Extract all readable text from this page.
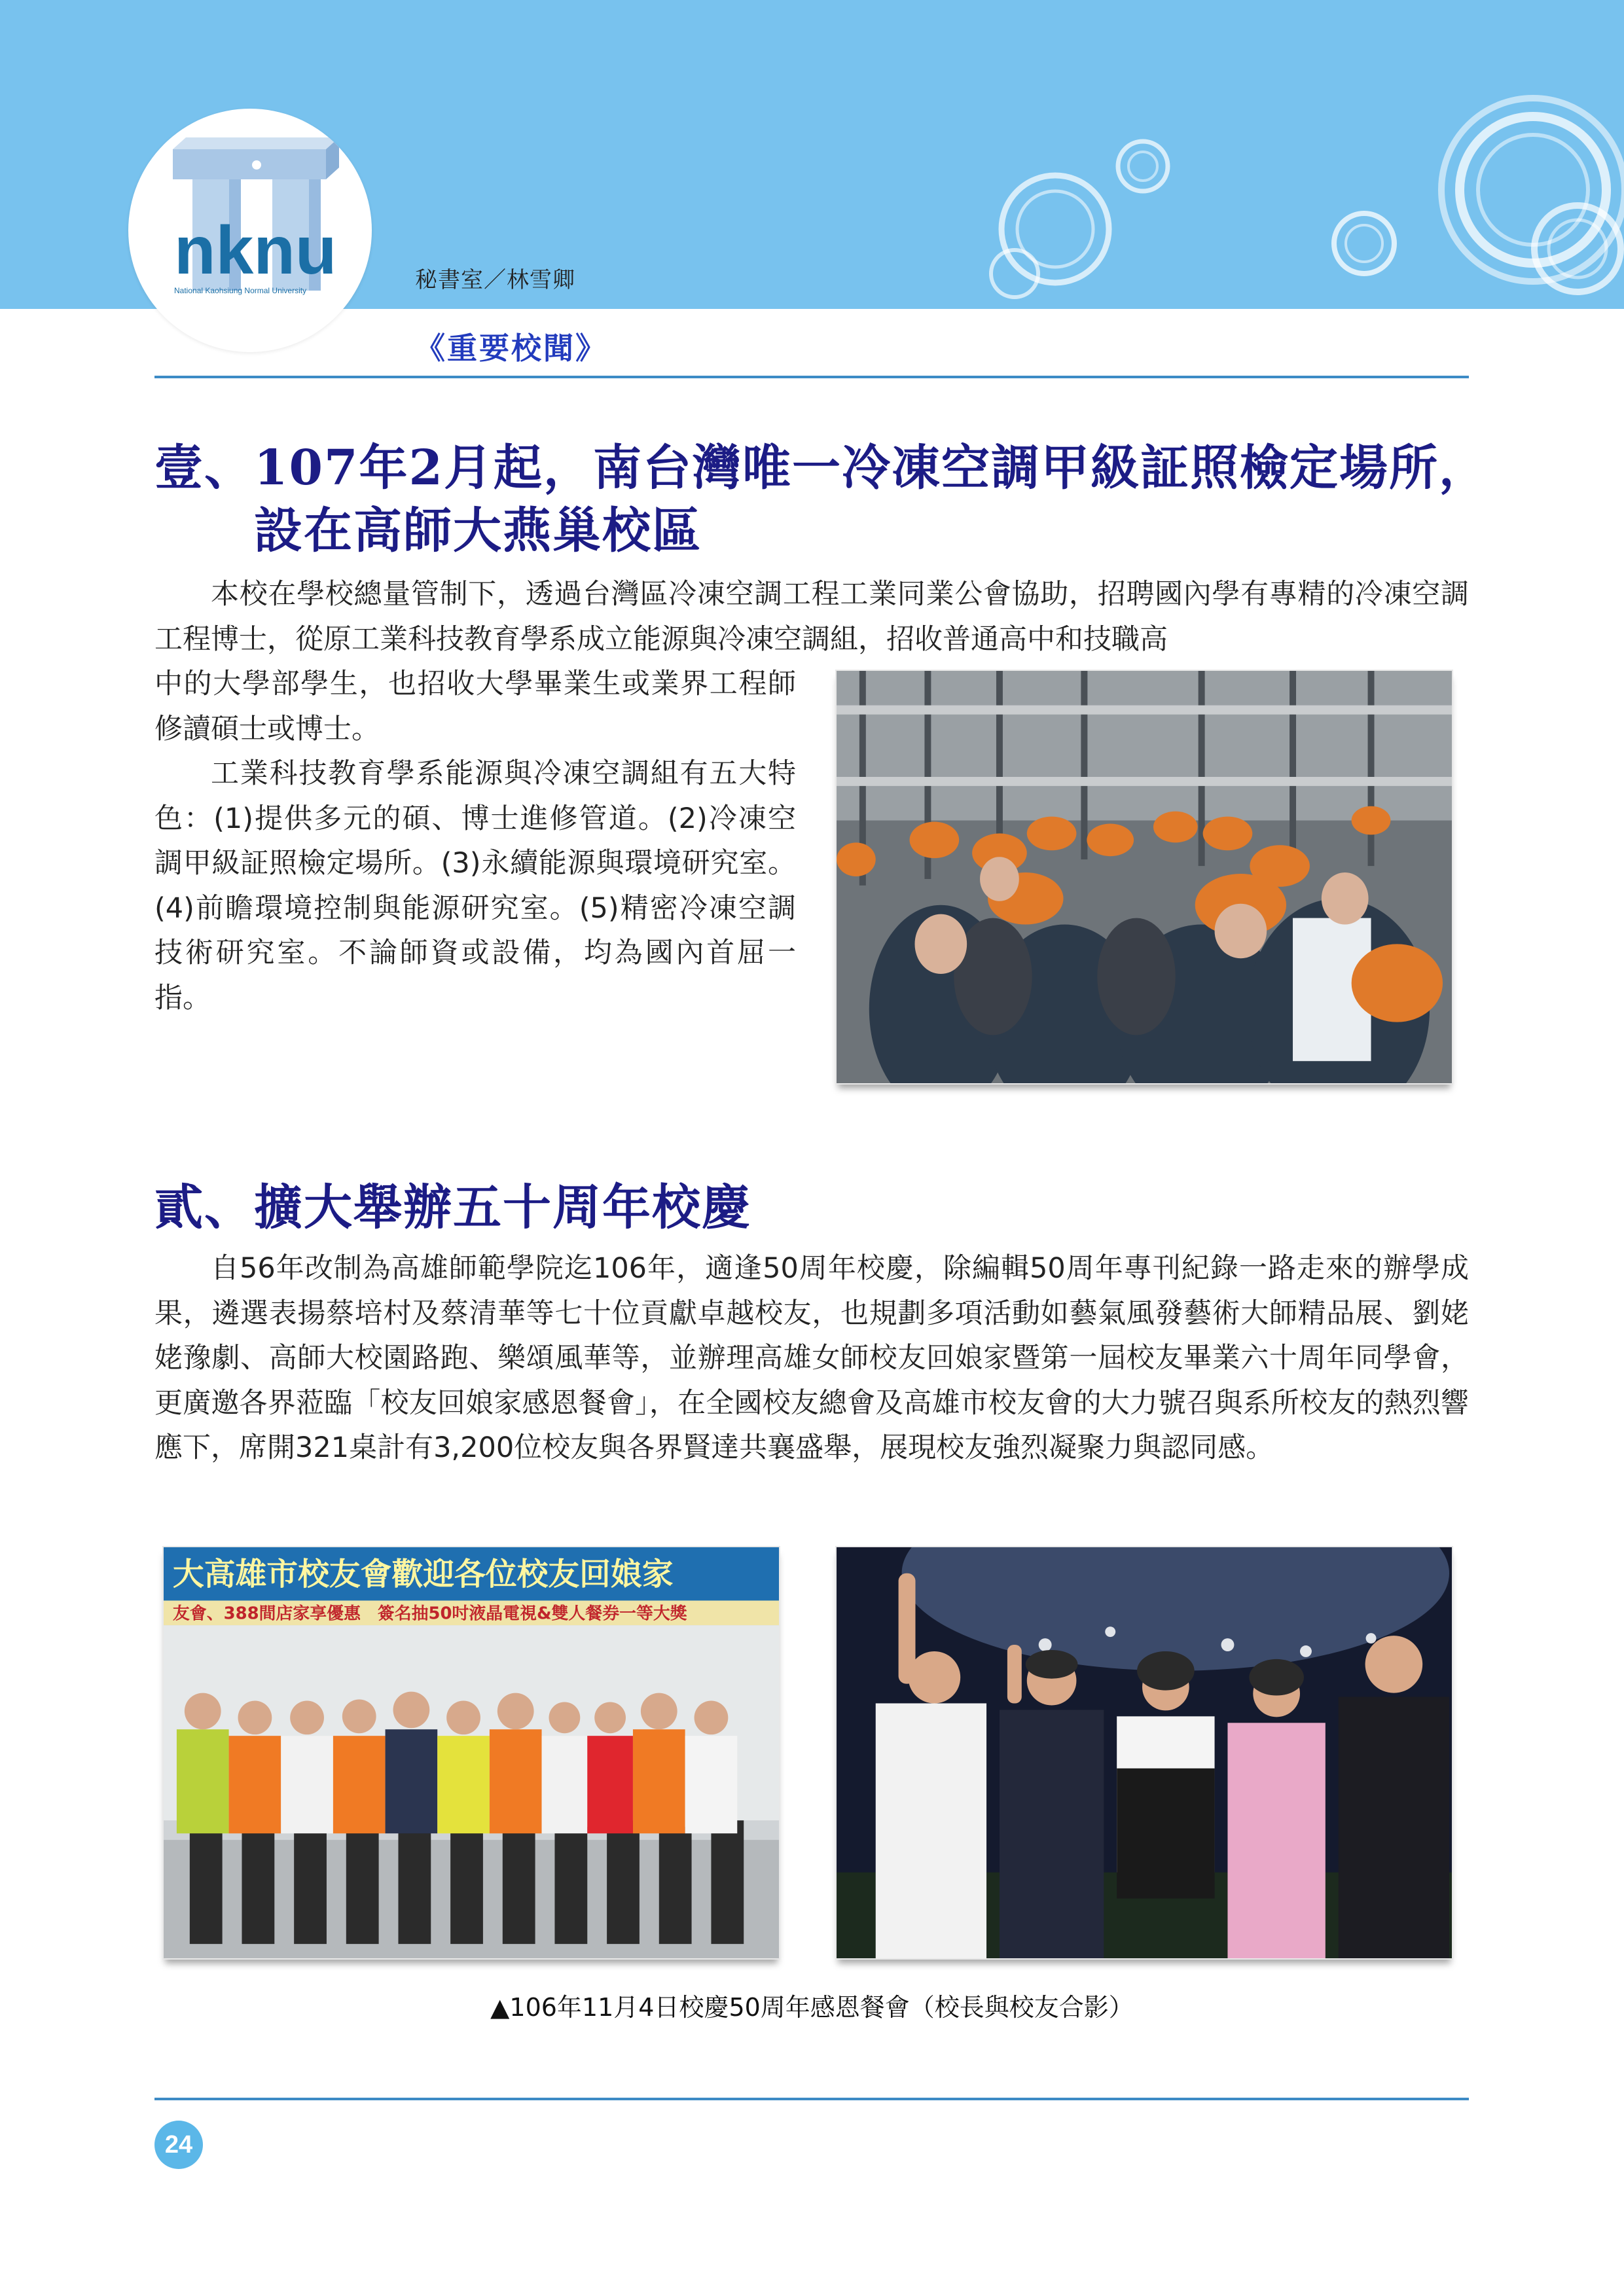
nknu
National Kaohsiung Normal University	秘書室／林雪卿
《重要校聞》
壹、107年2月起，南台灣唯一冷凍空調甲級証照檢定場所，
設在高師大燕巢校區
本校在學校總量管制下，透過台灣區冷凍空調工程工業同業公會協助，招聘國內學有專精的冷凍空調工程博士，從原工業科技教育學系成立能源與冷凍空調組，招收普通高中和技職高
中的大學部學生，也招收大學畢業生或業界工程師修讀碩士或博士。
工業科技教育學系能源與冷凍空調組有五大特色：(1)提供多元的碩、博士進修管道。(2)冷凍空調甲級証照檢定場所。(3)永續能源與環境研究室。(4)前瞻環境控制與能源研究室。(5)精密冷凍空調技術研究室。不論師資或設備，均為國內首屈一指。
貳、擴大舉辦五十周年校慶
自56年改制為高雄師範學院迄106年，適逢50周年校慶，除編輯50周年專刊紀錄一路走來的辦學成果，遴選表揚蔡培村及蔡清華等七十位貢獻卓越校友，也規劃多項活動如藝氣風發藝術大師精品展、劉姥姥豫劇、高師大校園路跑、樂頌風華等，並辦理高雄女師校友回娘家暨第一屆校友畢業六十周年同學會，更廣邀各界蒞臨「校友回娘家感恩餐會」，在全國校友總會及高雄市校友會的大力號召與系所校友的熱烈響應下，席開321桌計有3,200位校友與各界賢達共襄盛舉，展現校友強烈凝聚力與認同感。
大高雄市校友會歡迎各位校友回娘家
友會、388間店家享優惠　簽名抽50吋液晶電視&雙人餐券一等大獎
▲106年11月4日校慶50周年感恩餐會（校長與校友合影）
24
